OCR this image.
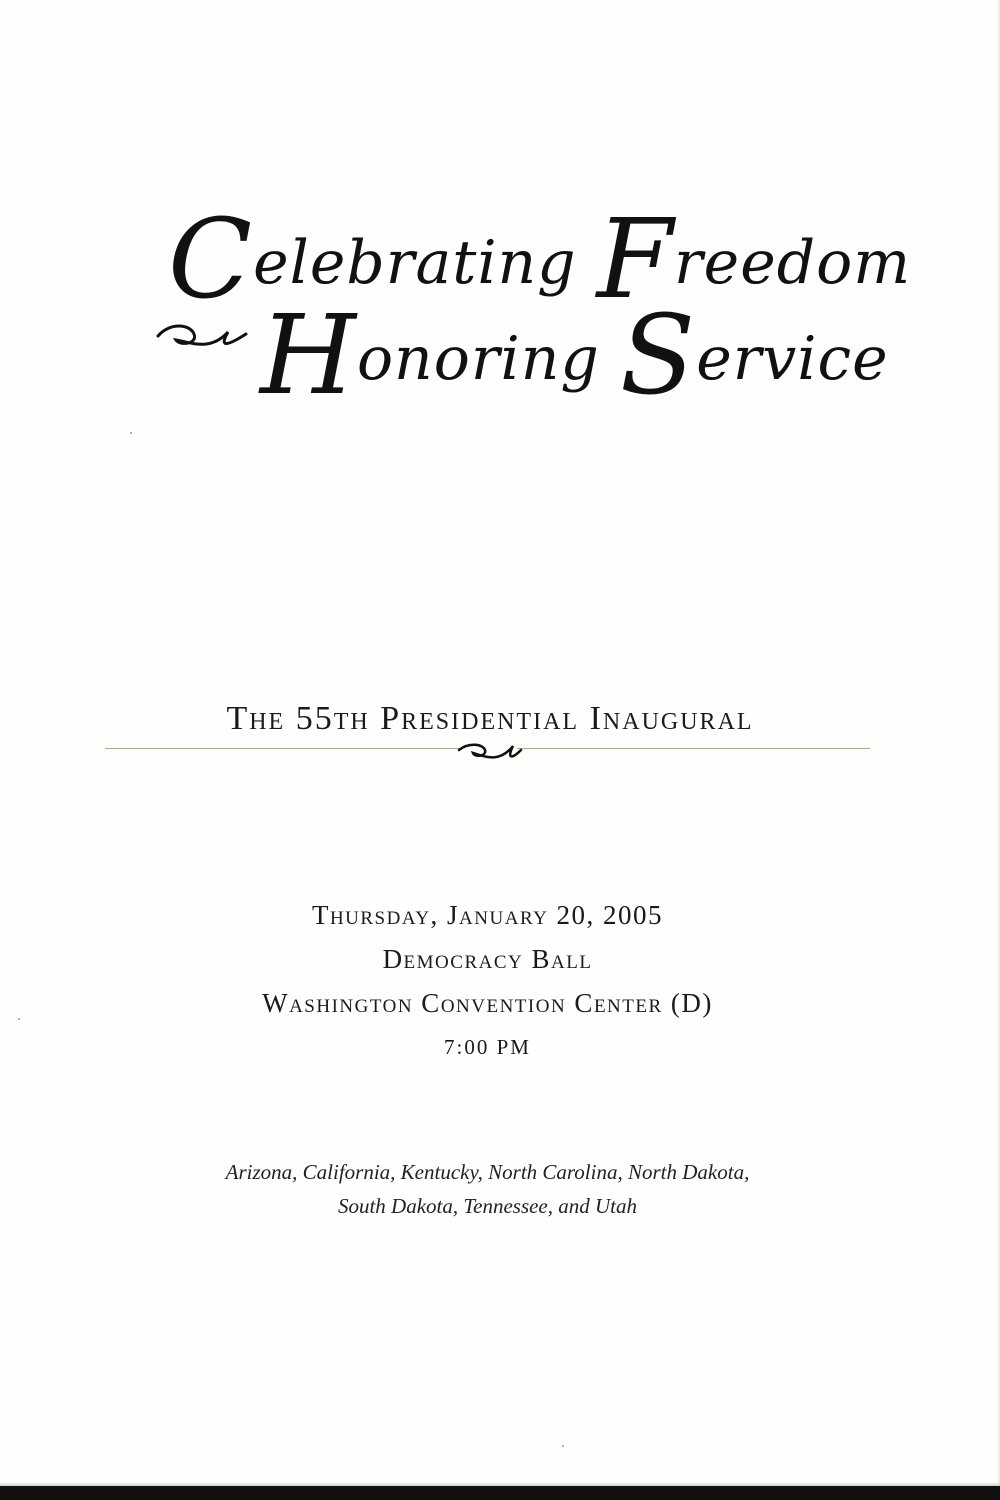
Celebrating Freedom
Honoring Service
The 55th Presidential Inaugural
Thursday, January 20, 2005
Democracy Ball
Washington Convention Center (D)
7:00 PM
Arizona, California, Kentucky, North Carolina, North Dakota,
South Dakota, Tennessee, and Utah
